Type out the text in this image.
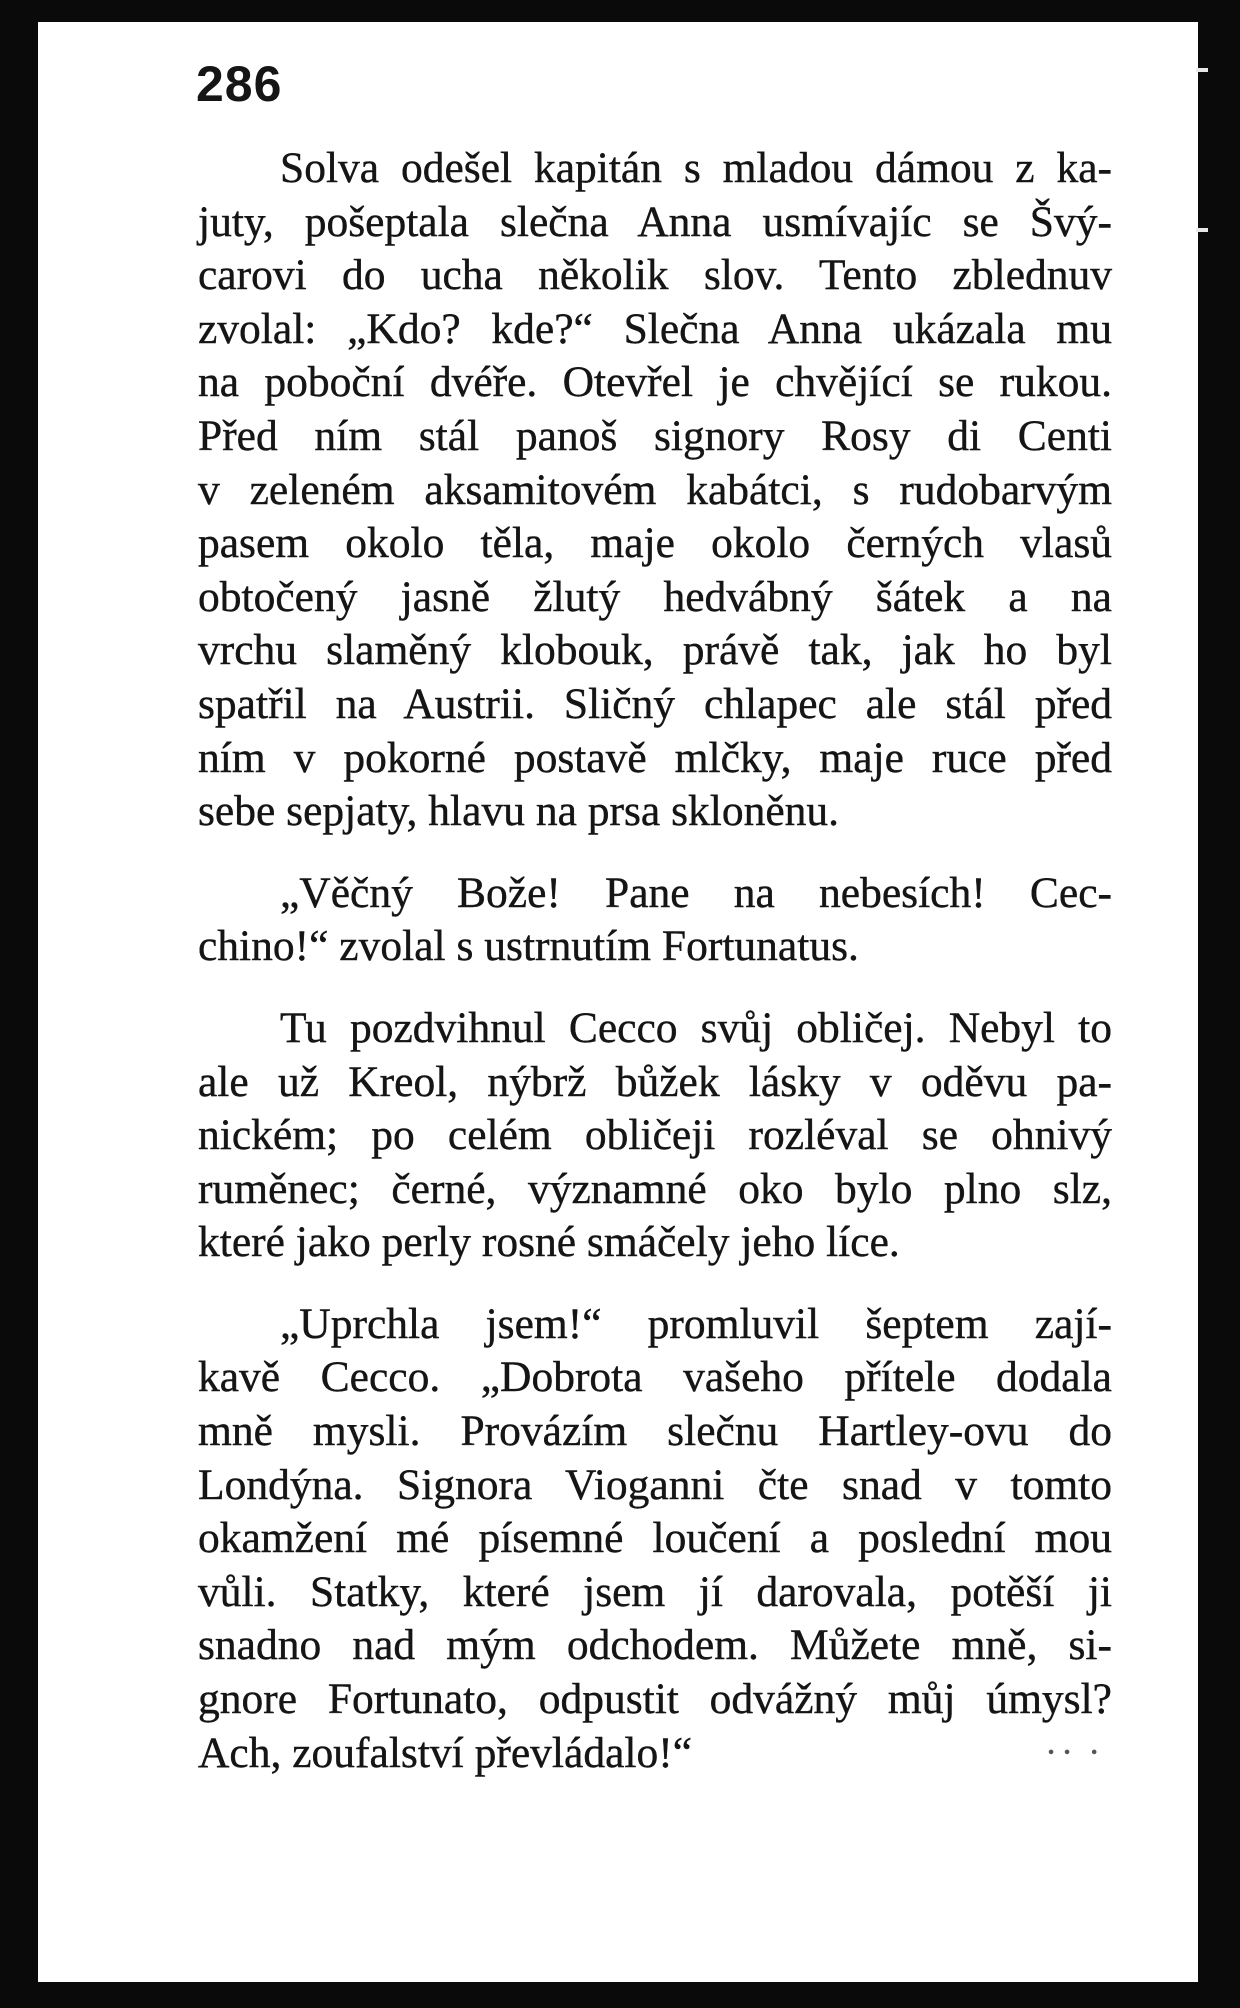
286
Solva odešel kapitán s mladou dámou z ka-
juty, pošeptala slečna Anna usmívajíc se Švý-
carovi do ucha několik slov. Tento zblednuv
zvolal: „Kdo? kde?“ Slečna Anna ukázala mu
na poboční dvéře. Otevřel je chvějící se rukou.
Před ním stál panoš signory Rosy di Centi
v zeleném aksamitovém kabátci, s rudobarvým
pasem okolo těla, maje okolo černých vlasů
obtočený jasně žlutý hedvábný šátek a na
vrchu slaměný klobouk, právě tak, jak ho byl
spatřil na Austrii. Sličný chlapec ale stál před
ním v pokorné postavě mlčky, maje ruce před
sebe sepjaty, hlavu na prsa skloněnu.
„Věčný Bože! Pane na nebesích! Cec-
chino!“ zvolal s ustrnutím Fortunatus.
Tu pozdvihnul Cecco svůj obličej. Nebyl to
ale už Kreol, nýbrž bůžek lásky v oděvu pa-
nickém; po celém obličeji rozléval se ohnivý
ruměnec; černé, významné oko bylo plno slz,
které jako perly rosné smáčely jeho líce.
„Uprchla jsem!“ promluvil šeptem zají-
kavě Cecco. „Dobrota vašeho přítele dodala
mně mysli. Provázím slečnu Hartley-ovu do
Londýna. Signora Vioganni čte snad v tomto
okamžení mé písemné loučení a poslední mou
vůli. Statky, které jsem jí darovala, potěší ji
snadno nad mým odchodem. Můžete mně, si-
gnore Fortunato, odpustit odvážný můj úmysl?
Ach, zoufalství převládalo!“	∙∙ ∙
